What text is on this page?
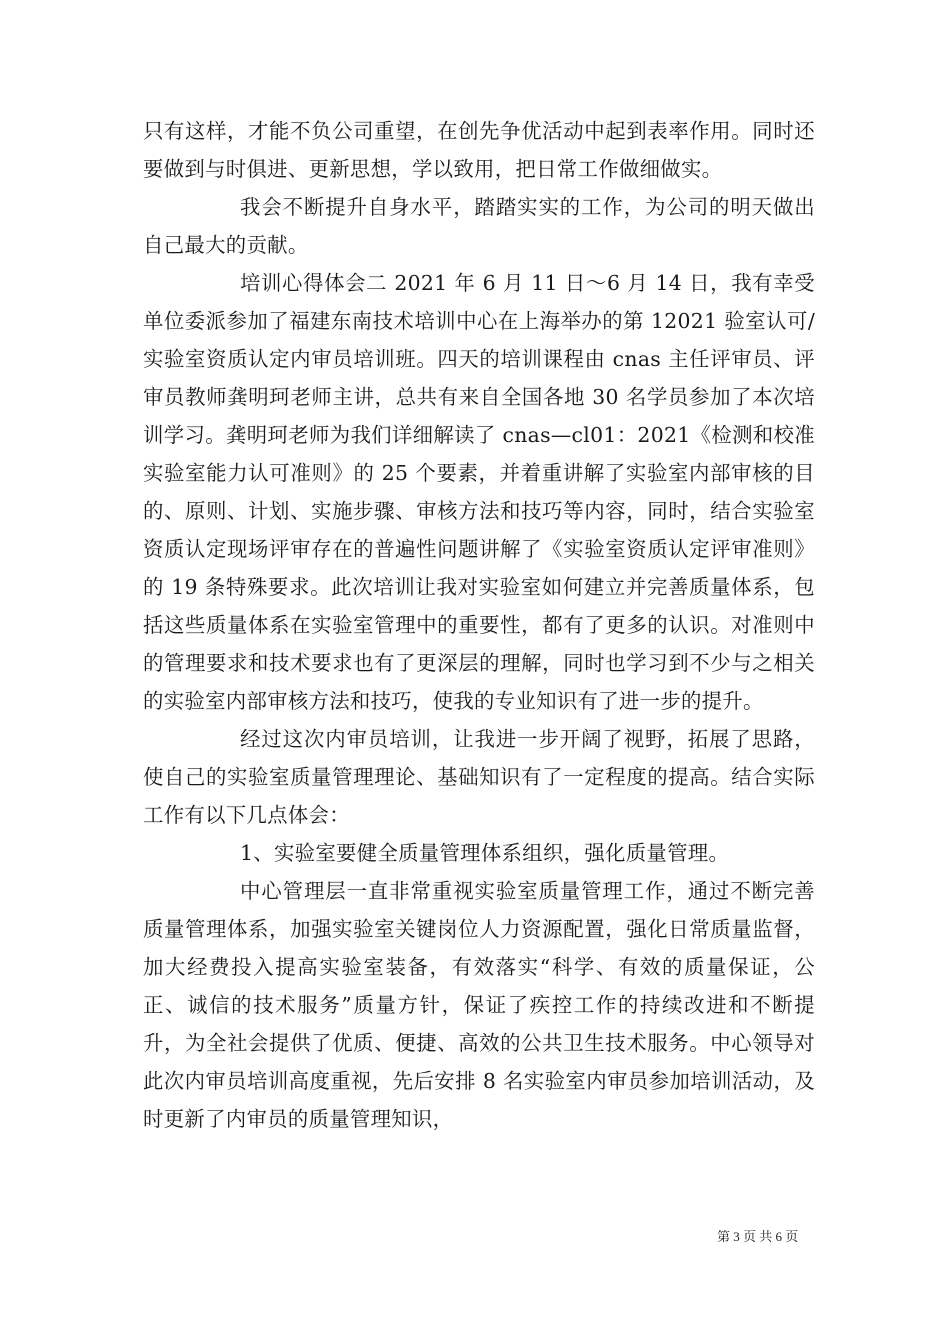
只有这样，才能不负公司重望，在创先争优活动中起到表率作用。同时还要做到与时俱进、更新思想，学以致用，把日常工作做细做实。

我会不断提升自身水平，踏踏实实的工作，为公司的明天做出自己最大的贡献。

培训心得体会二 2021 年 6 月 11 日～6 月 14 日，我有幸受单位委派参加了福建东南技术培训中心在上海举办的第 12021 验室认可/实验室资质认定内审员培训班。四天的培训课程由 cnas 主任评审员、评审员教师龚明珂老师主讲，总共有来自全国各地 30 名学员参加了本次培训学习。龚明珂老师为我们详细解读了 cnas—cl01：2021《检测和校准实验室能力认可准则》的 25 个要素，并着重讲解了实验室内部审核的目的、原则、计划、实施步骤、审核方法和技巧等内容，同时，结合实验室资质认定现场评审存在的普遍性问题讲解了《实验室资质认定评审准则》的 19 条特殊要求。此次培训让我对实验室如何建立并完善质量体系，包括这些质量体系在实验室管理中的重要性，都有了更多的认识。对准则中的管理要求和技术要求也有了更深层的理解，同时也学习到不少与之相关的实验室内部审核方法和技巧，使我的专业知识有了进一步的提升。

经过这次内审员培训，让我进一步开阔了视野，拓展了思路，使自己的实验室质量管理理论、基础知识有了一定程度的提高。结合实际工作有以下几点体会：

1、实验室要健全质量管理体系组织，强化质量管理。

中心管理层一直非常重视实验室质量管理工作，通过不断完善质量管理体系，加强实验室关键岗位人力资源配置，强化日常质量监督，加大经费投入提高实验室装备，有效落实“科学、有效的质量保证，公正、诚信的技术服务”质量方针，保证了疾控工作的持续改进和不断提升，为全社会提供了优质、便捷、高效的公共卫生技术服务。中心领导对此次内审员培训高度重视，先后安排 8 名实验室内审员参加培训活动，及时更新了内审员的质量管理知识，

第 3 页 共 6 页
